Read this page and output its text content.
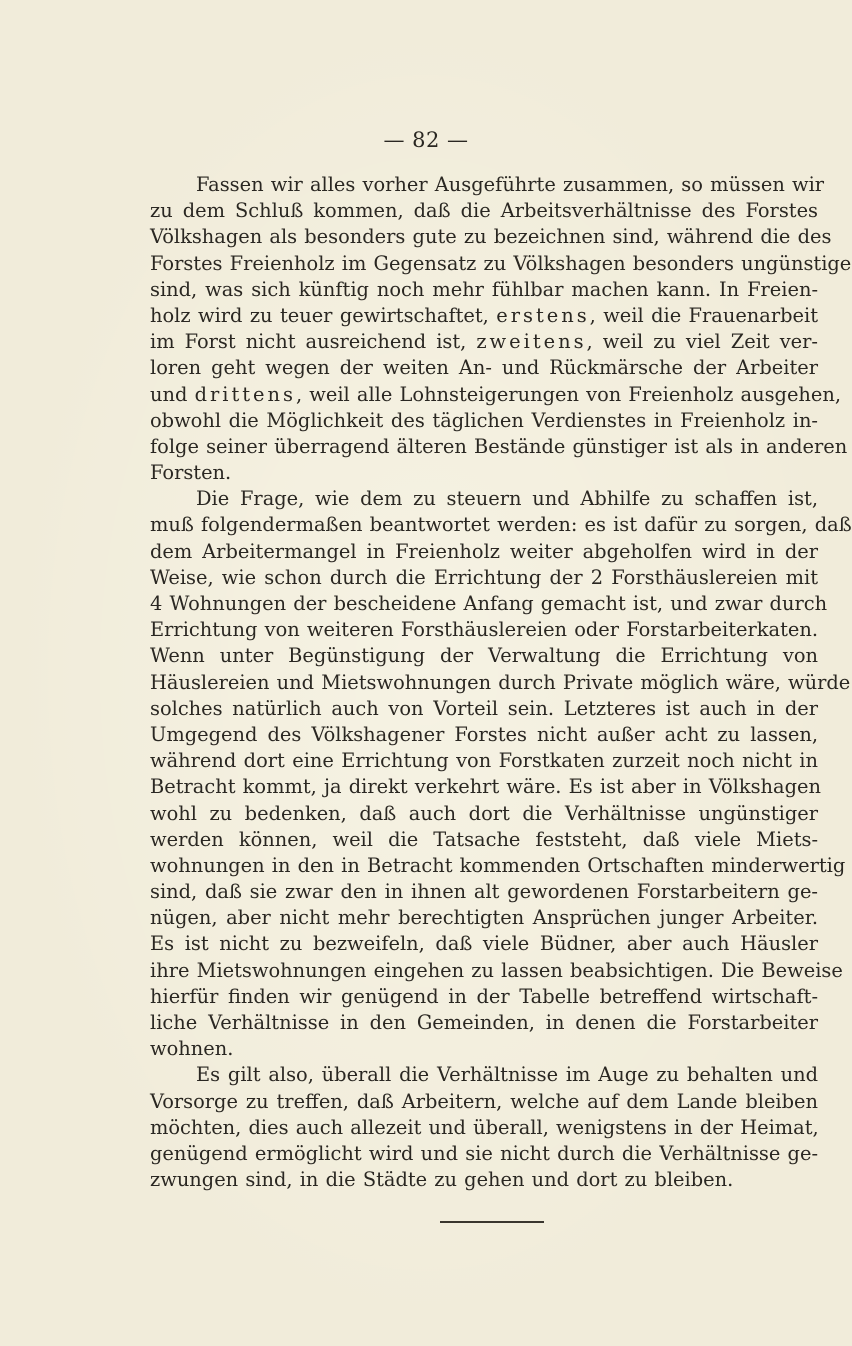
— 82 —
Fassen wir alles vorher Ausgeführte zusammen, so müssen wir
zu dem Schluß kommen, daß die Arbeitsverhältnisse des Forstes
Völkshagen als besonders gute zu bezeichnen sind, während die des
Forstes Freienholz im Gegensatz zu Völkshagen besonders ungünstige
sind, was sich künftig noch mehr fühlbar machen kann. In Freien-
holz wird zu teuer gewirtschaftet, erstens, weil die Frauenarbeit
im Forst nicht ausreichend ist, zweitens, weil zu viel Zeit ver-
loren geht wegen der weiten An- und Rückmärsche der Arbeiter
und drittens, weil alle Lohnsteigerungen von Freienholz ausgehen,
obwohl die Möglichkeit des täglichen Verdienstes in Freienholz in-
folge seiner überragend älteren Bestände günstiger ist als in anderen
Forsten.
Die Frage, wie dem zu steuern und Abhilfe zu schaffen ist,
muß folgendermaßen beantwortet werden: es ist dafür zu sorgen, daß
dem Arbeitermangel in Freienholz weiter abgeholfen wird in der
Weise, wie schon durch die Errichtung der 2 Forsthäuslereien mit
4 Wohnungen der bescheidene Anfang gemacht ist, und zwar durch
Errichtung von weiteren Forsthäuslereien oder Forstarbeiterkaten.
Wenn unter Begünstigung der Verwaltung die Errichtung von
Häuslereien und Mietswohnungen durch Private möglich wäre, würde
solches natürlich auch von Vorteil sein. Letzteres ist auch in der
Umgegend des Völkshagener Forstes nicht außer acht zu lassen,
während dort eine Errichtung von Forstkaten zurzeit noch nicht in
Betracht kommt, ja direkt verkehrt wäre. Es ist aber in Völkshagen
wohl zu bedenken, daß auch dort die Verhältnisse ungünstiger
werden können, weil die Tatsache feststeht, daß viele Miets-
wohnungen in den in Betracht kommenden Ortschaften minderwertig
sind, daß sie zwar den in ihnen alt gewordenen Forstarbeitern ge-
nügen, aber nicht mehr berechtigten Ansprüchen junger Arbeiter.
Es ist nicht zu bezweifeln, daß viele Büdner, aber auch Häusler
ihre Mietswohnungen eingehen zu lassen beabsichtigen. Die Beweise
hierfür finden wir genügend in der Tabelle betreffend wirtschaft-
liche Verhältnisse in den Gemeinden, in denen die Forstarbeiter
wohnen.
Es gilt also, überall die Verhältnisse im Auge zu behalten und
Vorsorge zu treffen, daß Arbeitern, welche auf dem Lande bleiben
möchten, dies auch allezeit und überall, wenigstens in der Heimat,
genügend ermöglicht wird und sie nicht durch die Verhältnisse ge-
zwungen sind, in die Städte zu gehen und dort zu bleiben.
